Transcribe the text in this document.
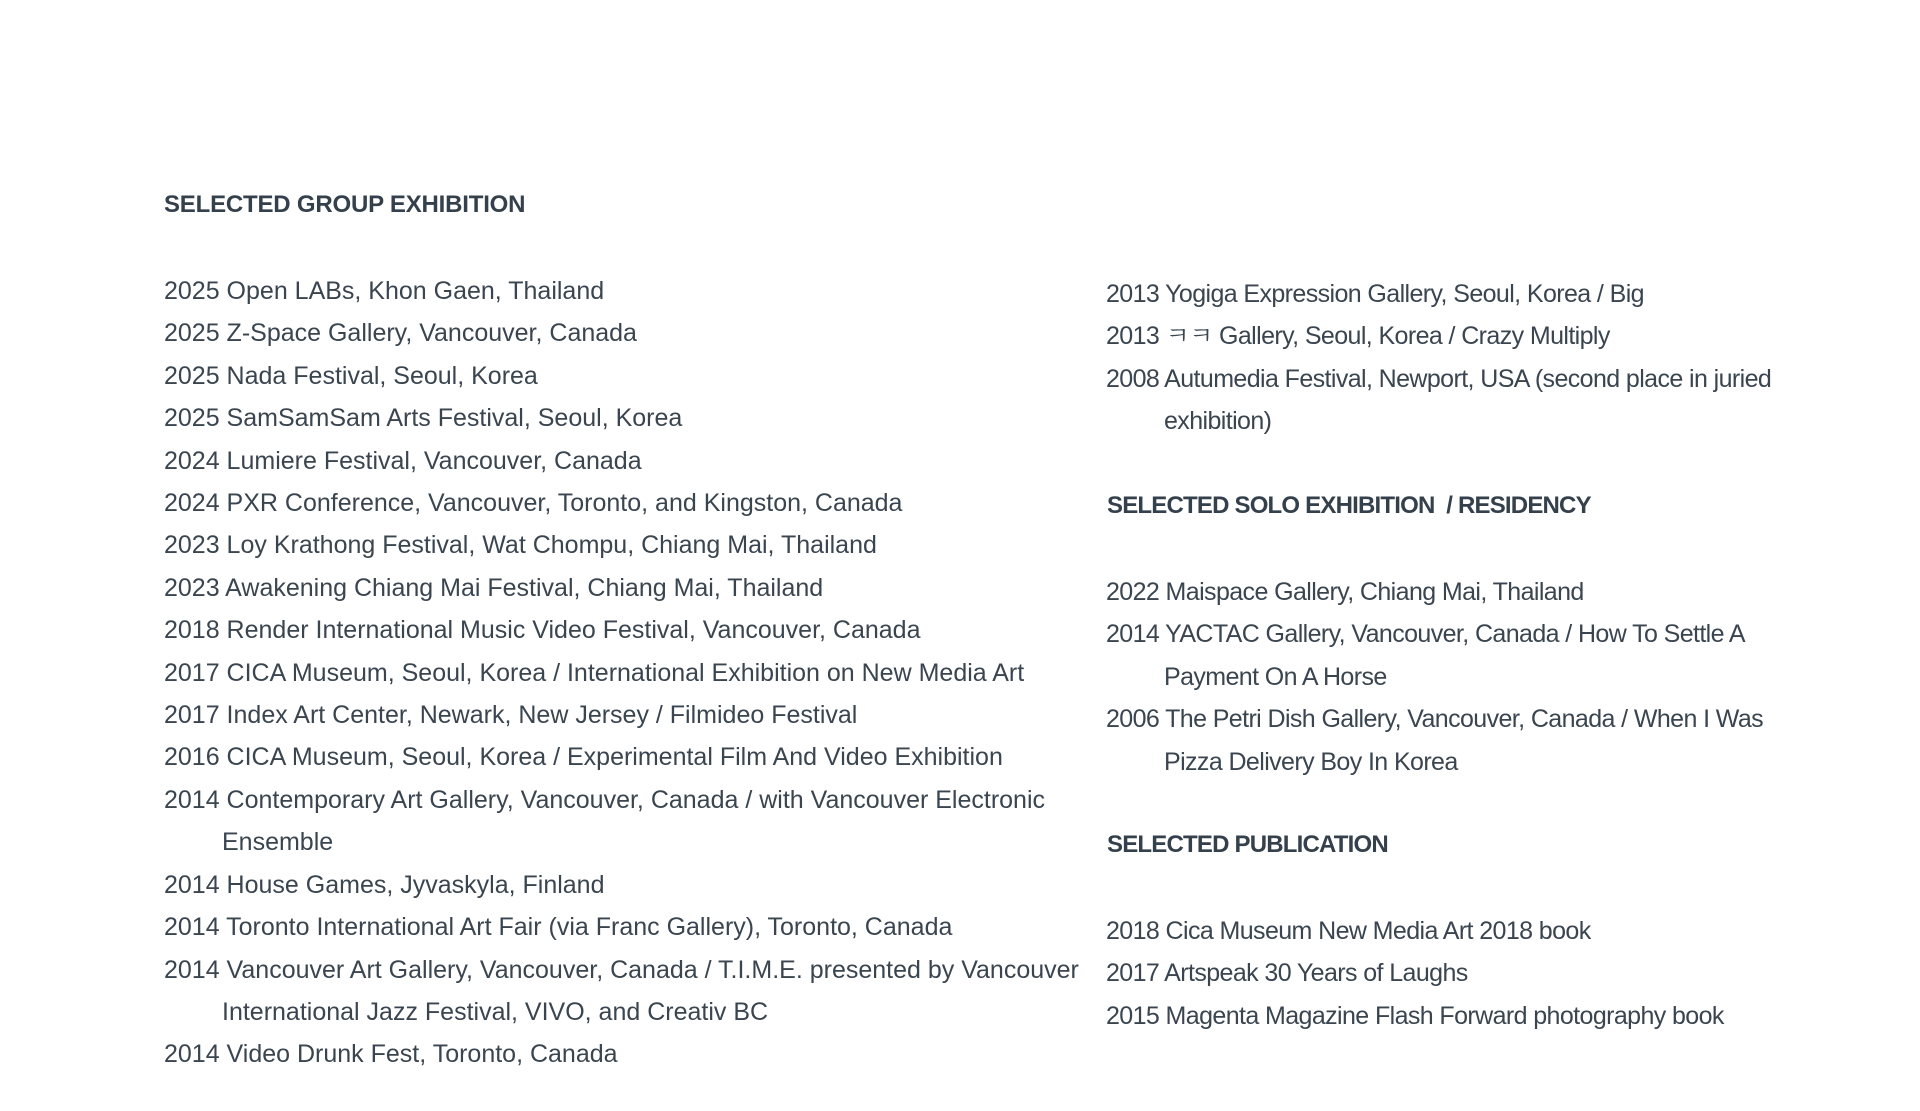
SELECTED GROUP EXHIBITION
2025 Open LABs, Khon Gaen, Thailand
2025 Z-Space Gallery, Vancouver, Canada
2025 Nada Festival, Seoul, Korea
2025 SamSamSam Arts Festival, Seoul, Korea
2024 Lumiere Festival, Vancouver, Canada
2024 PXR Conference, Vancouver, Toronto, and Kingston, Canada
2023 Loy Krathong Festival, Wat Chompu, Chiang Mai, Thailand
2023 Awakening Chiang Mai Festival, Chiang Mai, Thailand
2018 Render International Music Video Festival, Vancouver, Canada
2017 CICA Museum, Seoul, Korea / International Exhibition on New Media Art
2017 Index Art Center, Newark, New Jersey / Filmideo Festival
2016 CICA Museum, Seoul, Korea / Experimental Film And Video Exhibition
2014 Contemporary Art Gallery, Vancouver, Canada / with Vancouver Electronic Ensemble
2014 House Games, Jyvaskyla, Finland
2014 Toronto International Art Fair (via Franc Gallery), Toronto, Canada
2014 Vancouver Art Gallery, Vancouver, Canada / T.I.M.E. presented by Vancouver International Jazz Festival, VIVO, and Creativ BC
2014 Video Drunk Fest, Toronto, Canada
2013 Yogiga Expression Gallery, Seoul, Korea / Big
2013 ㅋㅋ Gallery, Seoul, Korea / Crazy Multiply
2008 Autumedia Festival, Newport, USA (second place in juried exhibition)
SELECTED SOLO EXHIBITION  / RESIDENCY
2022 Maispace Gallery, Chiang Mai, Thailand
2014 YACTAC Gallery, Vancouver, Canada / How To Settle A Payment On A Horse
2006 The Petri Dish Gallery, Vancouver, Canada / When I Was Pizza Delivery Boy In Korea
SELECTED PUBLICATION
2018 Cica Museum New Media Art 2018 book
2017 Artspeak 30 Years of Laughs
2015 Magenta Magazine Flash Forward photography book
